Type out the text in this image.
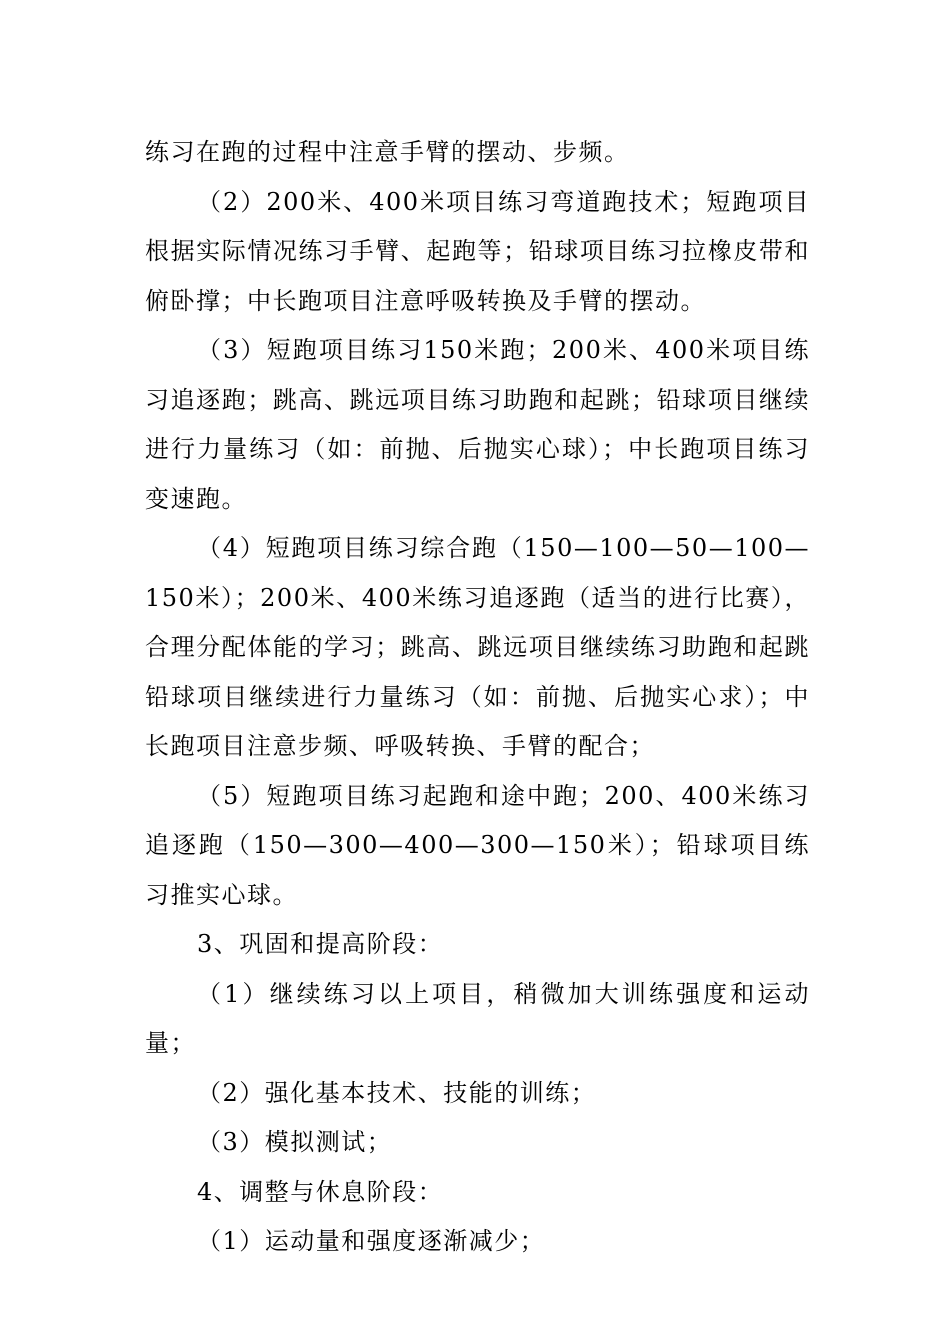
练习在跑的过程中注意手臂的摆动、步频。

（2）200米、400米项目练习弯道跑技术；短跑项目根据实际情况练习手臂、起跑等；铅球项目练习拉橡皮带和俯卧撑；中长跑项目注意呼吸转换及手臂的摆动。

（3）短跑项目练习150米跑；200米、400米项目练习追逐跑；跳高、跳远项目练习助跑和起跳；铅球项目继续进行力量练习（如：前抛、后抛实心球）；中长跑项目练习变速跑。

（4）短跑项目练习综合跑（150—100—50—100—150米）；200米、400米练习追逐跑（适当的进行比赛），合理分配体能的学习；跳高、跳远项目继续练习助跑和起跳铅球项目继续进行力量练习（如：前抛、后抛实心求）；中长跑项目注意步频、呼吸转换、手臂的配合；

（5）短跑项目练习起跑和途中跑；200、400米练习追逐跑（150—300—400—300—150米）；铅球项目练习推实心球。

3、巩固和提高阶段：

（1）继续练习以上项目，稍微加大训练强度和运动量；

（2）强化基本技术、技能的训练；

（3）模拟测试；

4、调整与休息阶段：

（1）运动量和强度逐渐减少；
